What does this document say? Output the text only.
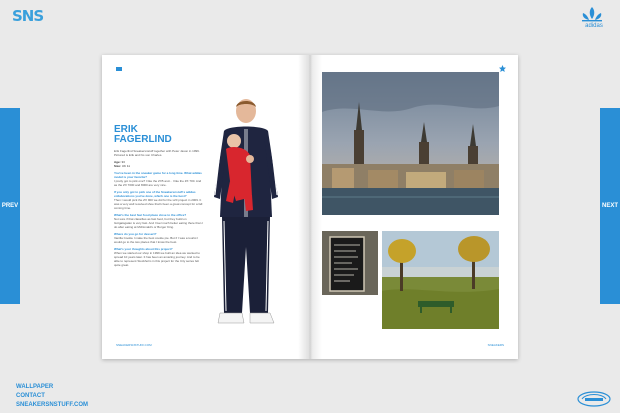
SNS
adidas
PREV	NEXT
ERIK
FAGERLIND
Erik Fagerlind Sneakersnstuff together with Peter Jason in 1999. Pictured is Erik and his son Charles.
Age: 33
Size: UK 11
You've been in the sneaker game for a long time. What adidas model is your favorite?
I pretty got to pick one? I like the ZX5 and... I like the ZX 700. And as the ZX 7000 and 8000 are very nice.
If you only got to pick one of the Sneakersnstuff x adidas collaborations you've done, which one is the best?
Then I would pick the ZX 900 we did for the x20 project in 2009. It was a very well received shoe that's been a great concept for a fall coming time.
What's the best fast food place close to the office?
Not sure if that classifies as fast food, but they build on Götgatsgatan is very fast. And I feel much better eating there than I do after eating at McDonald's or Burger King.
Where do you go for dessert?
Vanilla Cookie I make the best cookie pie. But if I was a tourist I would go to the two places that I know the best.
What's your thoughts about this project?
When we started our shop in 1999 we built an idea we wanted to spread 10 years later. It has been an amazing journey. And to be able to represent Stockholm in this project for the City series felt quite great.
SNEAKERSNSTUFF.COM	SNEAKERS
WALLPAPER
CONTACT
SNEAKERSNSTUFF.COM
